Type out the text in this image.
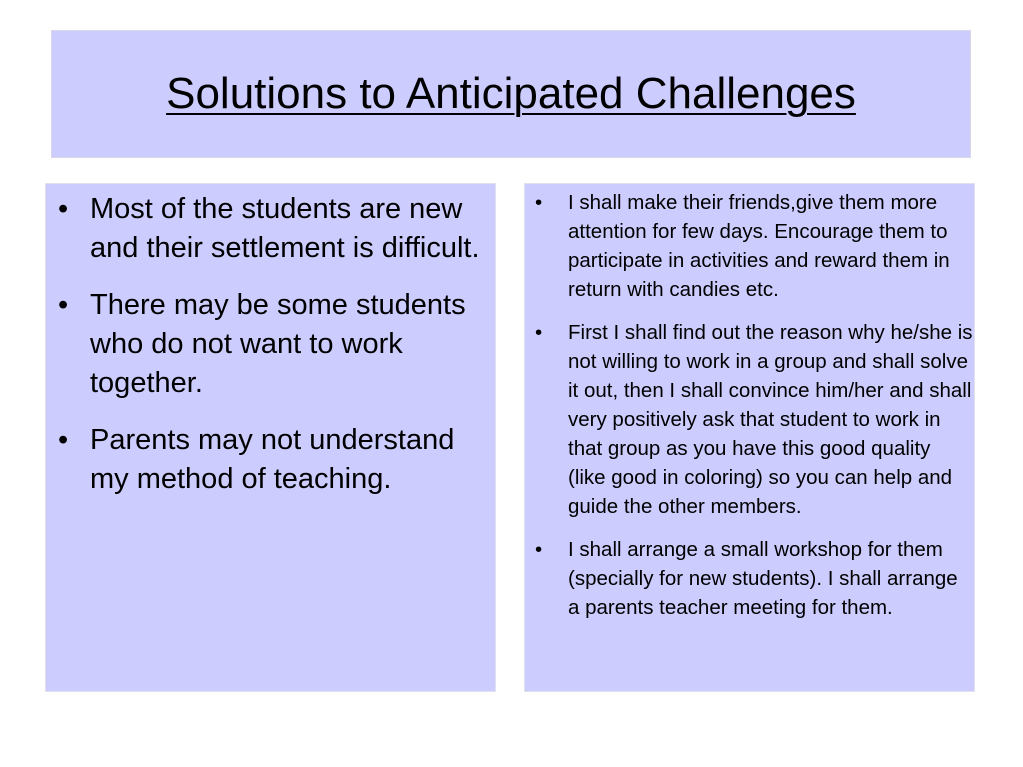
Solutions to Anticipated Challenges
• Most of the students are new and their settlement is difficult.
• There may be some students who do not want to work together.
• Parents may not understand my method of teaching.
• I shall make their friends,give them more attention for few days. Encourage them to participate in activities and reward them in return with candies etc.
• First I shall find out the reason why he/she is not willing to work in a group and shall solve it out, then I shall convince him/her and shall very positively ask that student to work in that group as you have this good quality (like good in coloring) so you can help and guide the other members.
• I shall arrange a small workshop for them (specially for new students). I shall arrange a parents teacher meeting for them.
